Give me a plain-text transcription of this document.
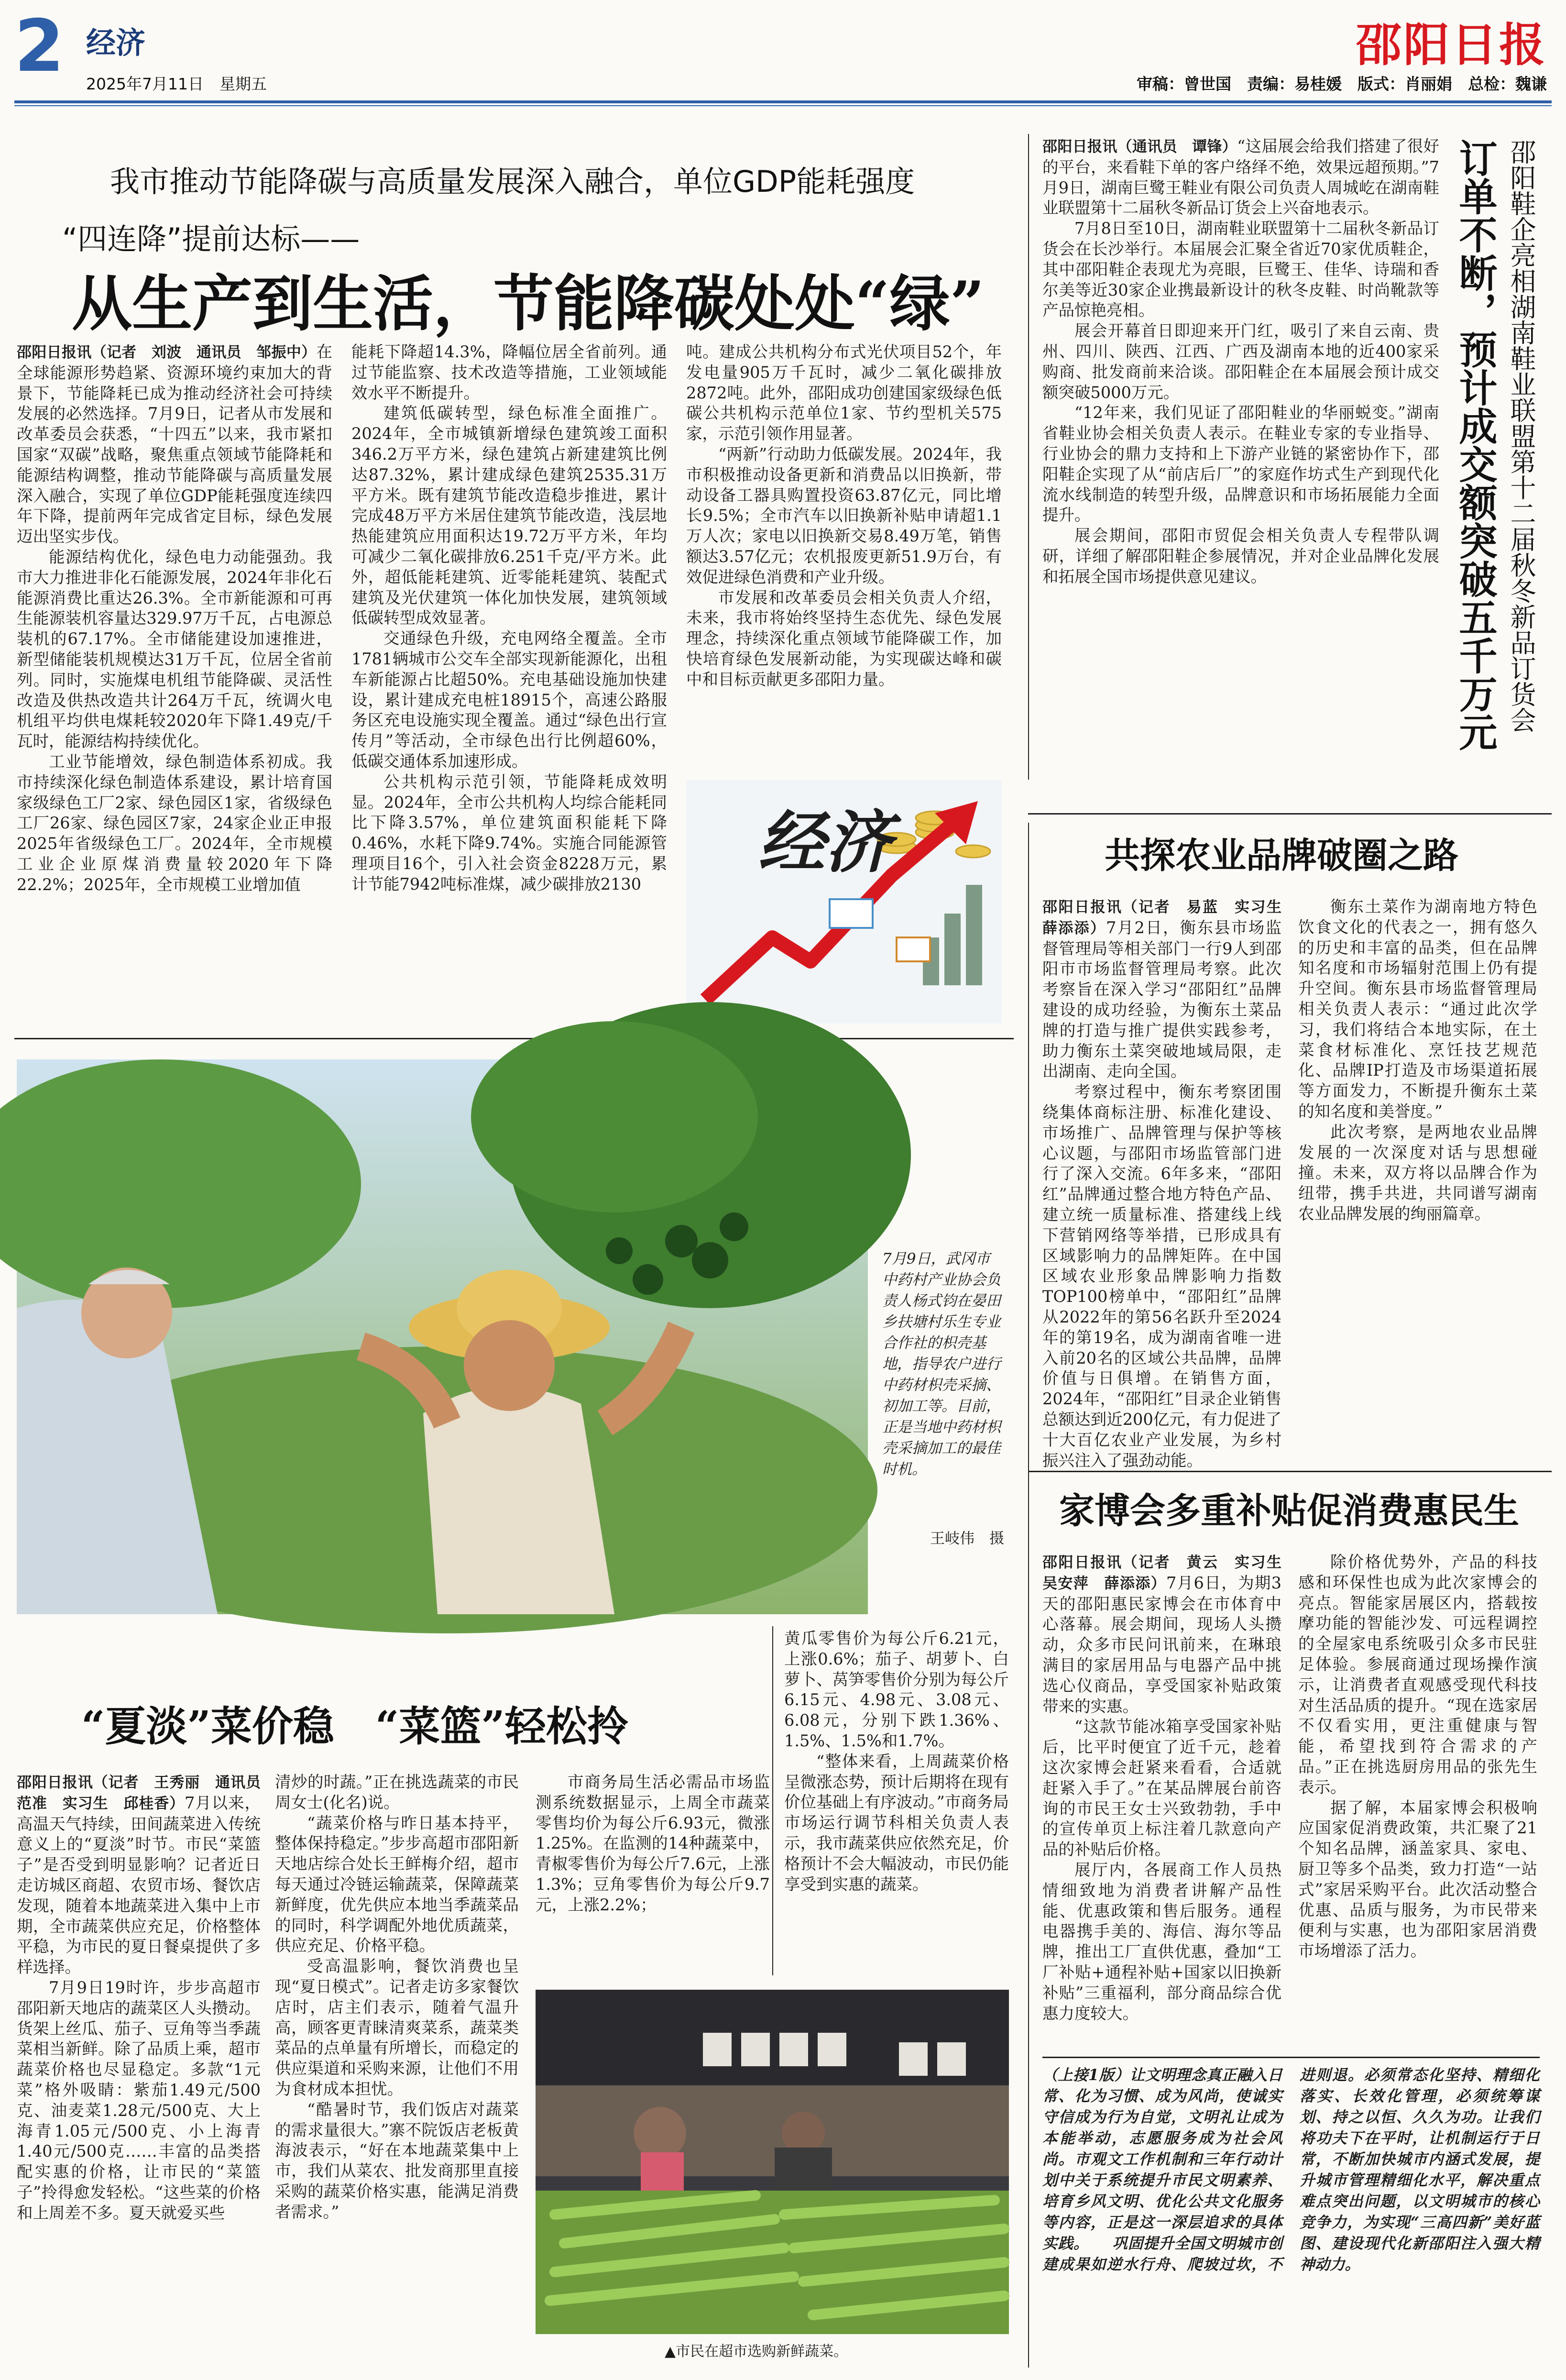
2 经济
2025年7月11日　星期五
邵阳日报
审稿：曾世国　责编：易桂媛　版式：肖丽娟　总检：魏谦
我市推动节能降碳与高质量发展深入融合，单位GDP能耗强度
“四连降”提前达标——
从生产到生活，节能降碳处处“绿”

邵阳日报讯（记者　刘波　通讯员　邹振中）在全球能源形势趋紧、资源环境约束加大的背景下，节能降耗已成为推动经济社会可持续发展的必然选择。7月9日，记者从市发展和改革委员会获悉，“十四五”以来，我市紧扣国家“双碳”战略，聚焦重点领域节能降耗和能源结构调整，推动节能降碳与高质量发展深入融合，实现了单位GDP能耗强度连续四年下降，提前两年完成省定目标，绿色发展迈出坚实步伐。

能源结构优化，绿色电力动能强劲。我市大力推进非化石能源发展，2024年非化石能源消费比重达26.3%。全市新能源和可再生能源装机容量达329.97万千瓦，占电源总装机的67.17%。全市储能建设加速推进，新型储能装机规模达31万千瓦，位居全省前列。同时，实施煤电机组节能降碳、灵活性改造及供热改造共计264万千瓦，统调火电机组平均供电煤耗较2020年下降1.49克/千瓦时，能源结构持续优化。

工业节能增效，绿色制造体系初成。我市持续深化绿色制造体系建设，累计培育国家级绿色工厂2家、绿色园区1家，省级绿色工厂26家、绿色园区7家，24家企业正申报2025年省级绿色工厂。2024年，全市规模工业企业原煤消费量较2020年下降22.2%；2025年，全市规模工业增加值

能耗下降超14.3%，降幅位居全省前列。通过节能监察、技术改造等措施，工业领域能效水平不断提升。

建筑低碳转型，绿色标准全面推广。2024年，全市城镇新增绿色建筑竣工面积346.2万平方米，绿色建筑占新建建筑比例达87.32%，累计建成绿色建筑2535.31万平方米。既有建筑节能改造稳步推进，累计完成48万平方米居住建筑节能改造，浅层地热能建筑应用面积达19.72万平方米，年均可减少二氧化碳排放6.251千克/平方米。此外，超低能耗建筑、近零能耗建筑、装配式建筑及光伏建筑一体化加快发展，建筑领域低碳转型成效显著。

交通绿色升级，充电网络全覆盖。全市1781辆城市公交车全部实现新能源化，出租车新能源占比超50%。充电基础设施加快建设，累计建成充电桩18915个，高速公路服务区充电设施实现全覆盖。通过“绿色出行宣传月”等活动，全市绿色出行比例超60%，低碳交通体系加速形成。

公共机构示范引领，节能降耗成效明显。2024年，全市公共机构人均综合能耗同比下降3.57%，单位建筑面积能耗下降0.46%，水耗下降9.74%。实施合同能源管理项目16个，引入社会资金8228万元，累计节能7942吨标准煤，减少碳排放2130

吨。建成公共机构分布式光伏项目52个，年发电量905万千瓦时，减少二氧化碳排放2872吨。此外，邵阳成功创建国家级绿色低碳公共机构示范单位1家、节约型机关575家，示范引领作用显著。

“两新”行动助力低碳发展。2024年，我市积极推动设备更新和消费品以旧换新，带动设备工器具购置投资63.87亿元，同比增长9.5%；全市汽车以旧换新补贴申请超1.1万人次；家电以旧换新交易8.49万笔，销售额达3.57亿元；农机报废更新51.9万台，有效促进绿色消费和产业升级。

市发展和改革委员会相关负责人介绍，未来，我市将始终坚持生态优先、绿色发展理念，持续深化重点领域节能降碳工作，加快培育绿色发展新动能，为实现碳达峰和碳中和目标贡献更多邵阳力量。

经济

邵阳日报讯（通讯员　谭锋）“这届展会给我们搭建了很好的平台，来看鞋下单的客户络绎不绝，效果远超预期。”7月9日，湖南巨鹭王鞋业有限公司负责人周城屹在湖南鞋业联盟第十二届秋冬新品订货会上兴奋地表示。

7月8日至10日，湖南鞋业联盟第十二届秋冬新品订货会在长沙举行。本届展会汇聚全省近70家优质鞋企，其中邵阳鞋企表现尤为亮眼，巨鹭王、佳华、诗瑞和香尔美等近30家企业携最新设计的秋冬皮鞋、时尚靴款等产品惊艳亮相。

展会开幕首日即迎来开门红，吸引了来自云南、贵州、四川、陕西、江西、广西及湖南本地的近400家采购商、批发商前来洽谈。邵阳鞋企在本届展会预计成交额突破5000万元。

“12年来，我们见证了邵阳鞋业的华丽蜕变。”湖南省鞋业协会相关负责人表示。在鞋业专家的专业指导、行业协会的鼎力支持和上下游产业链的紧密协作下，邵阳鞋企实现了从“前店后厂”的家庭作坊式生产到现代化流水线制造的转型升级，品牌意识和市场拓展能力全面提升。

展会期间，邵阳市贸促会相关负责人专程带队调研，详细了解邵阳鞋企参展情况，并对企业品牌化发展和拓展全国市场提供意见建议。	邵阳鞋企亮相湖南鞋业联盟第十二届秋冬新品订货会
订单不断，预计成交额突破五千万元
共探农业品牌破圈之路

邵阳日报讯（记者　易蓝　实习生　薛添添）7月2日，衡东县市场监督管理局等相关部门一行9人到邵阳市市场监督管理局考察。此次考察旨在深入学习“邵阳红”品牌建设的成功经验，为衡东土菜品牌的打造与推广提供实践参考，助力衡东土菜突破地域局限，走出湖南、走向全国。

考察过程中，衡东考察团围绕集体商标注册、标准化建设、市场推广、品牌管理与保护等核心议题，与邵阳市场监管部门进行了深入交流。6年多来，“邵阳红”品牌通过整合地方特色产品、建立统一质量标准、搭建线上线下营销网络等举措，已形成具有区域影响力的品牌矩阵。在中国区域农业形象品牌影响力指数TOP100榜单中，“邵阳红”品牌从2022年的第56名跃升至2024年的第19名，成为湖南省唯一进入前20名的区域公共品牌，品牌价值与日俱增。在销售方面，2024年，“邵阳红”目录企业销售总额达到近200亿元，有力促进了十大百亿农业产业发展，为乡村振兴注入了强劲动能。

衡东土菜作为湖南地方特色饮食文化的代表之一，拥有悠久的历史和丰富的品类，但在品牌知名度和市场辐射范围上仍有提升空间。衡东县市场监督管理局相关负责人表示：“通过此次学习，我们将结合本地实际，在土菜食材标准化、烹饪技艺规范化、品牌IP打造及市场渠道拓展等方面发力，不断提升衡东土菜的知名度和美誉度。”

此次考察，是两地农业品牌发展的一次深度对话与思想碰撞。未来，双方将以品牌合作为纽带，携手共进，共同谱写湖南农业品牌发展的绚丽篇章。

家博会多重补贴促消费惠民生

邵阳日报讯（记者　黄云　实习生　吴安萍　薛添添）7月6日，为期3天的邵阳惠民家博会在市体育中心落幕。展会期间，现场人头攒动，众多市民问讯前来，在琳琅满目的家居用品与电器产品中挑选心仪商品，享受国家补贴政策带来的实惠。

“这款节能冰箱享受国家补贴后，比平时便宜了近千元，趁着这次家博会赶紧来看看，合适就赶紧入手了。”在某品牌展台前咨询的市民王女士兴致勃勃，手中的宣传单页上标注着几款意向产品的补贴后价格。

展厅内，各展商工作人员热情细致地为消费者讲解产品性能、优惠政策和售后服务。通程电器携手美的、海信、海尔等品牌，推出工厂直供优惠，叠加“工厂补贴+通程补贴+国家以旧换新补贴”三重福利，部分商品综合优惠力度较大。

除价格优势外，产品的科技感和环保性也成为此次家博会的亮点。智能家居展区内，搭载按摩功能的智能沙发、可远程调控的全屋家电系统吸引众多市民驻足体验。参展商通过现场操作演示，让消费者直观感受现代科技对生活品质的提升。“现在选家居不仅看实用，更注重健康与智能，希望找到符合需求的产品。”正在挑选厨房用品的张先生表示。

据了解，本届家博会积极响应国家促消费政策，共汇聚了21个知名品牌，涵盖家具、家电、厨卫等多个品类，致力打造“一站式”家居采购平台。此次活动整合优惠、品质与服务，为市民带来便利与实惠，也为邵阳家居消费市场增添了活力。

（上接1版）让文明理念真正融入日常、化为习惯、成为风尚，使诚实守信成为行为自觉，文明礼让成为本能举动，志愿服务成为社会风尚。市观文工作机制和三年行动计划中关于系统提升市民文明素养、培育乡风文明、优化公共文化服务等内容，正是这一深层追求的具体实践。　　巩固提升全国文明城市创建成果如逆水行舟、爬坡过坎，不进则退。必须常态化坚持、精细化落实、长效化管理，必须统筹谋划、持之以恒、久久为功。让我们将功夫下在平时，让机制运行于日常，不断加快城市内涵式发展，提升城市管理精细化水平，解决重点难点突出问题，以文明城市的核心竞争力，为实现“三高四新”美好蓝图、建设现代化新邵阳注入强大精神动力。
7月9日，武冈市中药村产业协会负责人杨式钧在晏田乡扶塘村乐生专业合作社的枳壳基地，指导农户进行中药材枳壳采摘、初加工等。目前，正是当地中药材枳壳采摘加工的最佳时机。
王岐伟　摄
“夏淡”菜价稳　“菜篮”轻松拎

邵阳日报讯（记者　王秀丽　通讯员　范准　实习生　邱桂香）7月以来，高温天气持续，田间蔬菜进入传统意义上的“夏淡”时节。市民“菜篮子”是否受到明显影响？记者近日走访城区商超、农贸市场、餐饮店发现，随着本地蔬菜进入集中上市期，全市蔬菜供应充足，价格整体平稳，为市民的夏日餐桌提供了多样选择。

7月9日19时许，步步高超市邵阳新天地店的蔬菜区人头攒动。货架上丝瓜、茄子、豆角等当季蔬菜相当新鲜。除了品质上乘，超市蔬菜价格也尽显稳定。多款“1元菜”格外吸睛：紫茄1.49元/500克、油麦菜1.28元/500克、大上海青1.05元/500克、小上海青1.40元/500克……丰富的品类搭配实惠的价格，让市民的“菜篮子”拎得愈发轻松。“这些菜的价格和上周差不多。夏天就爱买些

清炒的时蔬。”正在挑选蔬菜的市民周女士(化名)说。

“蔬菜价格与昨日基本持平，整体保持稳定。”步步高超市邵阳新天地店综合处长王鲜梅介绍，超市每天通过冷链运输蔬菜，保障蔬菜新鲜度，优先供应本地当季蔬菜品的同时，科学调配外地优质蔬菜，供应充足、价格平稳。

受高温影响，餐饮消费也呈现“夏日模式”。记者走访多家餐饮店时，店主们表示，随着气温升高，顾客更青睐清爽菜系，蔬菜类菜品的点单量有所增长，而稳定的供应渠道和采购来源，让他们不用为食材成本担忧。

“酷暑时节，我们饭店对蔬菜的需求量很大。”寨不院饭店老板黄海波表示，“好在本地蔬菜集中上市，我们从菜农、批发商那里直接采购的蔬菜价格实惠，能满足消费者需求。”

市商务局生活必需品市场监测系统数据显示，上周全市蔬菜零售均价为每公斤6.93元，微涨1.25%。在监测的14种蔬菜中，青椒零售价为每公斤7.6元，上涨1.3%；豆角零售价为每公斤9.7元，上涨2.2%；

黄瓜零售价为每公斤6.21元，上涨0.6%；茄子、胡萝卜、白萝卜、莴笋零售价分别为每公斤6.15元、4.98元、3.08元、6.08元，分别下跌1.36%、1.5%、1.5%和1.7%。

“整体来看，上周蔬菜价格呈微涨态势，预计后期将在现有价位基础上有序波动。”市商务局市场运行调节科相关负责人表示，我市蔬菜供应依然充足，价格预计不会大幅波动，市民仍能享受到实惠的蔬菜。

▲市民在超市选购新鲜蔬菜。
